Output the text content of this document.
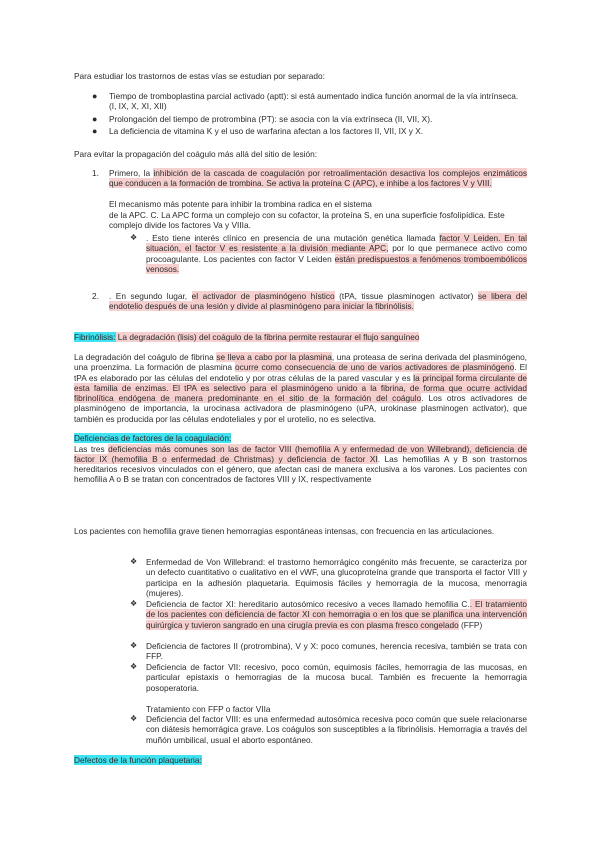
Para estudiar los trastornos de estas vías se estudian por separado:
● Tiempo de tromboplastina parcial activado (aptt): si está aumentado indica función anormal de la vía intrínseca. (I, IX, X, XI, XII)
● Prolongación del tiempo de protrombina (PT): se asocia con la vía extrínseca (II, VII, X).
● La deficiencia de vitamina K y el uso de warfarina afectan a los factores II, VII, IX y X.
Para evitar la propagación del coágulo más allá del sitio de lesión:
1. Primero, la inhibición de la cascada de coagulación por retroalimentación desactiva los complejos enzimáticos que conducen a la formación de trombina. Se activa la proteína C (APC), e inhibe a los factores V y VIII.
El mecanismo más potente para inhibir la trombina radica en el sistema
de la APC. C. La APC forma un complejo con su cofactor, la proteína S, en una superficie fosfolipídica. Este complejo divide los factores Va y VIIIa.
❖ . Esto tiene interés clínico en presencia de una mutación genética llamada factor V Leiden. En tal situación, el factor V es resistente a la división mediante APC, por lo que permanece activo como procoagulante. Los pacientes con factor V Leiden están predispuestos a fenómenos tromboembólicos venosos.
2. . En segundo lugar, el activador de plasminógeno hístico (tPA, tissue plasminogen activator) se libera del endotelio después de una lesión y divide al plasminógeno para iniciar la fibrinólisis.
Fibrinólisis: La degradación (lisis) del coágulo de la fibrina permite restaurar el flujo sanguíneo
La degradación del coágulo de fibrina se lleva a cabo por la plasmina, una proteasa de serina derivada del plasminógeno, una proenzima. La formación de plasmina ocurre como consecuencia de uno de varios activadores de plasminógeno. El tPA es elaborado por las células del endotelio y por otras células de la pared vascular y es la principal forma circulante de esta familia de enzimas. El tPA es selectivo para el plasminógeno unido a la fibrina, de forma que ocurre actividad fibrinolítica endógena de manera predominante en el sitio de la formación del coágulo. Los otros activadores de plasminógeno de importancia, la urocinasa activadora de plasminógeno (uPA, urokinase plasminogen activator), que también es producida por las células endoteliales y por el urotelio, no es selectiva.
Deficiencias de factores de la coagulación:
Las tres deficiencias más comunes son las de factor VIII (hemofilia A y enfermedad de von Willebrand), deficiencia de factor IX (hemofilia B o enfermedad de Christmas) y deficiencia de factor XI. Las hemofilias A y B son trastornos hereditarios recesivos vinculados con el género, que afectan casi de manera exclusiva a los varones. Los pacientes con hemofilia A o B se tratan con concentrados de factores VIII y IX, respectivamente
Los pacientes con hemofilia grave tienen hemorragias espontáneas intensas, con frecuencia en las articulaciones.
❖ Enfermedad de Von Willebrand: el trastorno hemorrágico congénito más frecuente, se caracteriza por un defecto cuantitativo o cualitativo en el vWF, una glucoproteína grande que transporta el factor VIII y participa en la adhesión plaquetaria. Equimosis fáciles y hemorragia de la mucosa, menorragia (mujeres).
❖ Deficiencia de factor XI: hereditario autosómico recesivo a veces llamado hemofilia C.. El tratamiento de los pacientes con deficiencia de factor XI con hemorragia o en los que se planifica una intervención quirúrgica y tuvieron sangrado en una cirugía previa es con plasma fresco congelado (FFP)
❖ Deficiencia de factores II (protrombina), V y X: poco comunes, herencia recesiva, también se trata con FFP.
❖ Deficiencia de factor VII: recesivo, poco común, equimosis fáciles, hemorragia de las mucosas, en particular epistaxis o hemorragias de la mucosa bucal. También es frecuente la hemorragia posoperatoria.
Tratamiento con FFP o factor VIIa
❖ Deficiencia del factor VIII: es una enfermedad autosómica recesiva poco común que suele relacionarse con diátesis hemorrágica grave. Los coágulos son susceptibles a la fibrinólisis. Hemorragia a través del muñón umbilical, usual el aborto espontáneo.
Defectos de la función plaquetaria:
